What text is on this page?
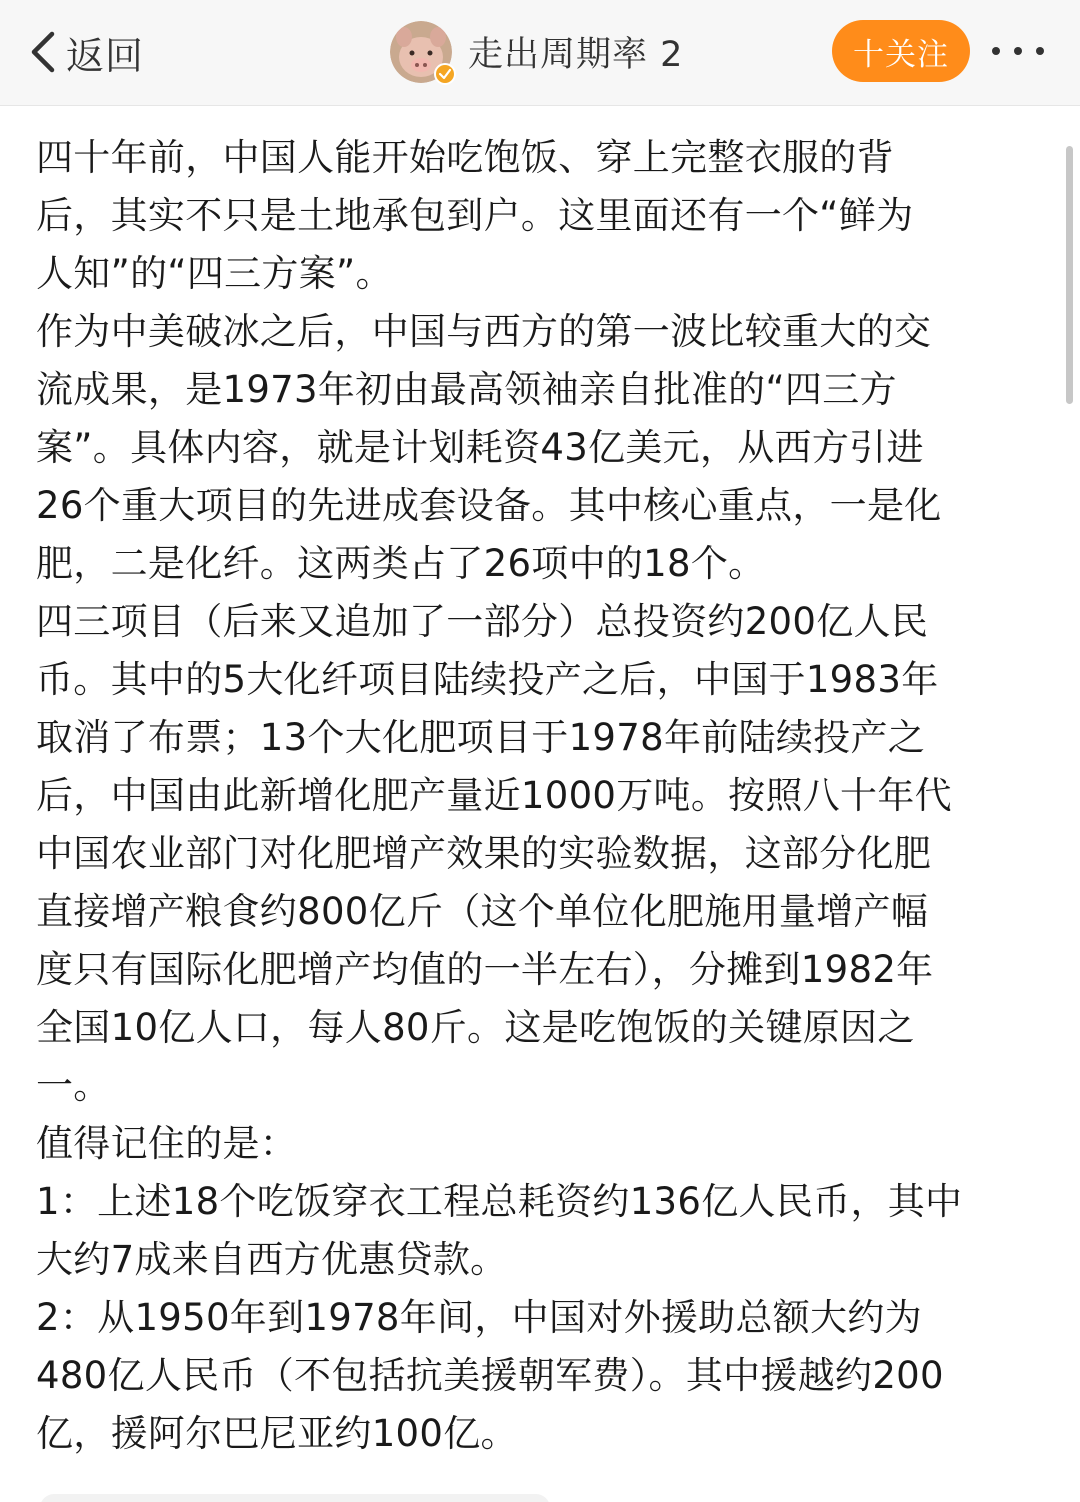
返回	走出周期率 2	十关注

四十年前，中国人能开始吃饱饭、穿上完整衣服的背

后，其实不只是土地承包到户。这里面还有一个“鲜为

人知”的“四三方案”。

作为中美破冰之后，中国与西方的第一波比较重大的交

流成果，是1973年初由最高领袖亲自批准的“四三方

案”。具体内容，就是计划耗资43亿美元，从西方引进

26个重大项目的先进成套设备。其中核心重点，一是化

肥，二是化纤。这两类占了26项中的18个。

四三项目（后来又追加了一部分）总投资约200亿人民

币。其中的5大化纤项目陆续投产之后，中国于1983年

取消了布票；13个大化肥项目于1978年前陆续投产之

后，中国由此新增化肥产量近1000万吨。按照八十年代

中国农业部门对化肥增产效果的实验数据，这部分化肥

直接增产粮食约800亿斤（这个单位化肥施用量增产幅

度只有国际化肥增产均值的一半左右），分摊到1982年

全国10亿人口，每人80斤。这是吃饱饭的关键原因之

一。

值得记住的是：

1：上述18个吃饭穿衣工程总耗资约136亿人民币，其中

大约7成来自西方优惠贷款。

2：从1950年到1978年间，中国对外援助总额大约为

480亿人民币（不包括抗美援朝军费）。其中援越约200

亿，援阿尔巴尼亚约100亿。
